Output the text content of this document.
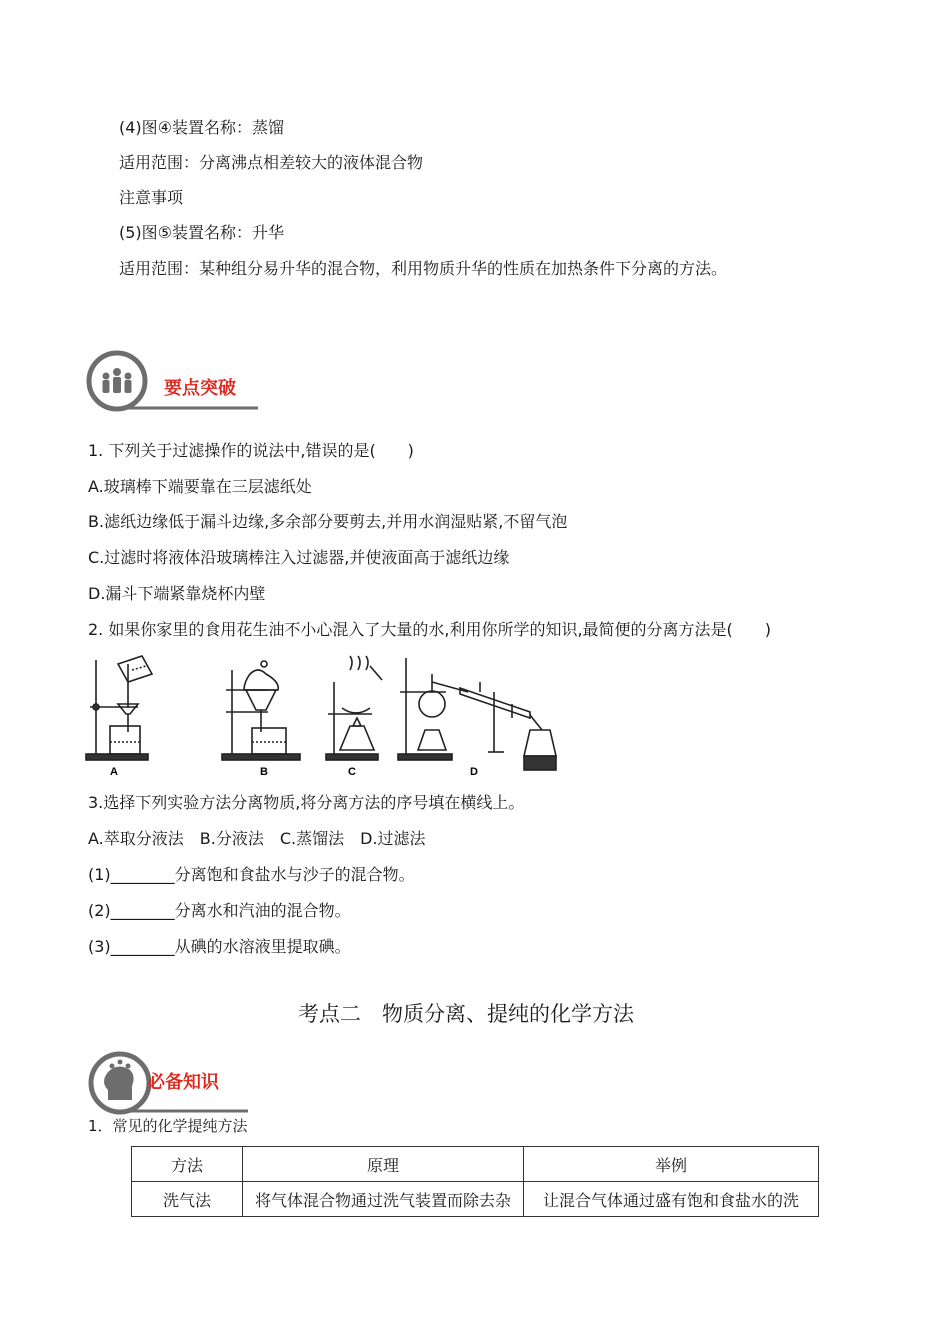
(4)图④装置名称：蒸馏
适用范围：分离沸点相差较大的液体混合物
注意事项
(5)图⑤装置名称：升华
适用范围：某种组分易升华的混合物，利用物质升华的性质在加热条件下分离的方法。
要点突破
1. 下列关于过滤操作的说法中,错误的是(　　)
A.玻璃棒下端要靠在三层滤纸处
B.滤纸边缘低于漏斗边缘,多余部分要剪去,并用水润湿贴紧,不留气泡
C.过滤时将液体沿玻璃棒注入过滤器,并使液面高于滤纸边缘
D.漏斗下端紧靠烧杯内壁
2. 如果你家里的食用花生油不小心混入了大量的水,利用你所学的知识,最简便的分离方法是(　　)
A	B	C	D
3.选择下列实验方法分离物质,将分离方法的序号填在横线上。
A.萃取分液法　B.分液法　C.蒸馏法　D.过滤法
(1)________分离饱和食盐水与沙子的混合物。
(2)________分离水和汽油的混合物。
(3)________从碘的水溶液里提取碘。
考点二　物质分离、提纯的化学方法
必备知识
1．常见的化学提纯方法
方法	原理	举例
洗气法	将气体混合物通过洗气装置而除去杂	让混合气体通过盛有饱和食盐水的洗
